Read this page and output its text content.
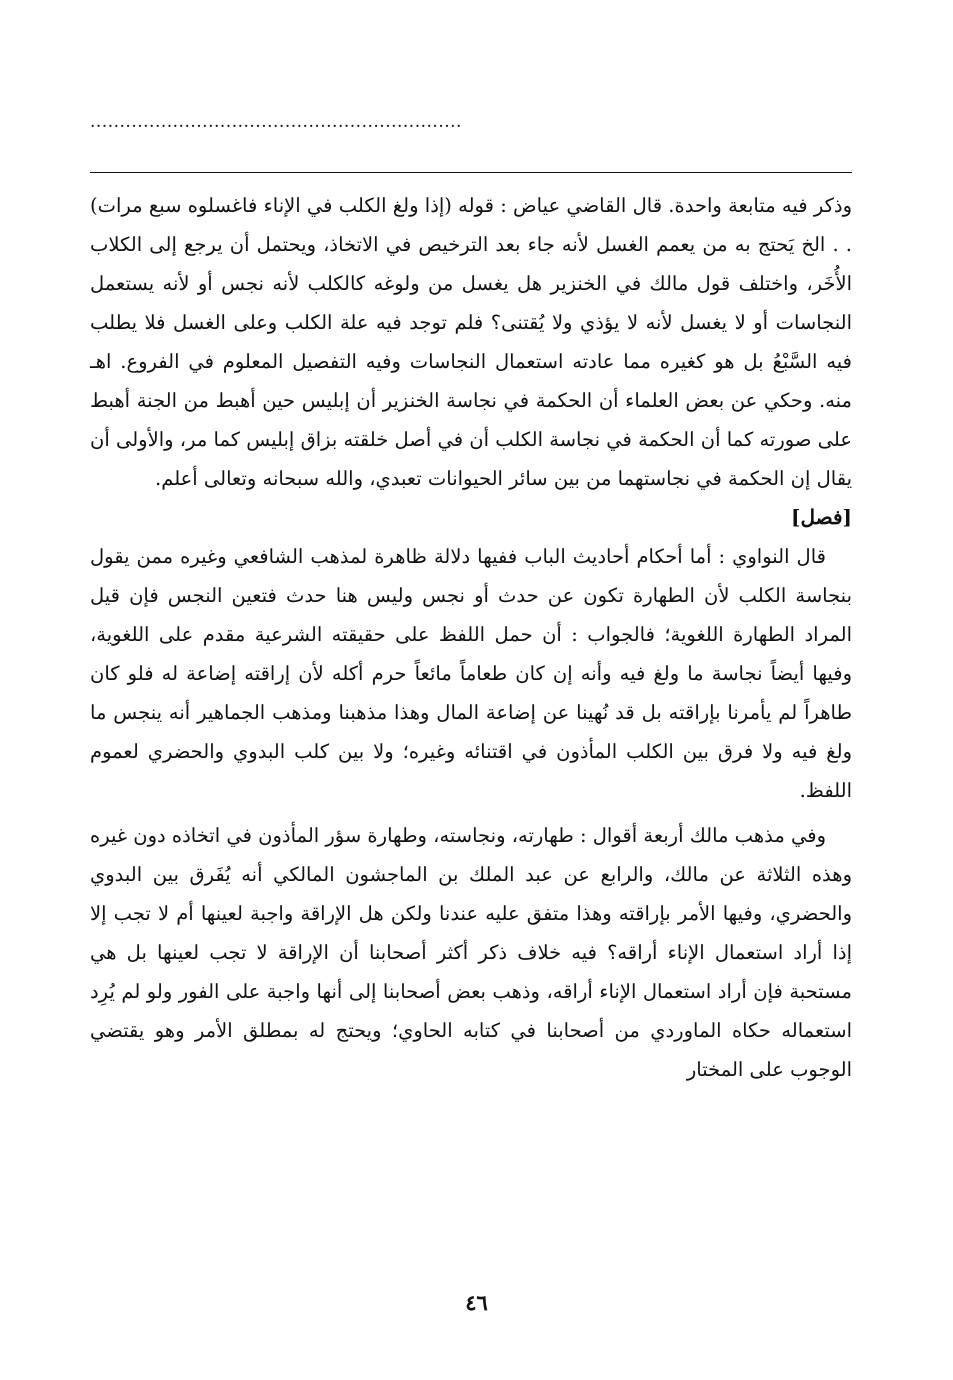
...............................................................

وذكر فيه متابعة واحدة. قال القاضي عياض : قوله (إذا ولغ الكلب في الإناء فاغسلوه سبع مرات) . . الخ يَحتج به من يعمم الغسل لأنه جاء بعد الترخيص في الاتخاذ، ويحتمل أن يرجع إلى الكلاب الأُخَر، واختلف قول مالك في الخنزير هل يغسل من ولوغه كالكلب لأنه نجس أو لأنه يستعمل النجاسات أو لا يغسل لأنه لا يؤذي ولا يُقتنى؟ فلم توجد فيه علة الكلب وعلى الغسل فلا يطلب فيه السَّبْعُ بل هو كغيره مما عادته استعمال النجاسات وفيه التفصيل المعلوم في الفروع. اهـ منه. وحكي عن بعض العلماء أن الحكمة في نجاسة الخنزير أن إبليس حين أهبط من الجنة أهبط على صورته كما أن الحكمة في نجاسة الكلب أن في أصل خلقته بزاق إبليس كما مر، والأولى أن يقال إن الحكمة في نجاستهما من بين سائر الحيوانات تعبدي، والله سبحانه وتعالى أعلم.

[فصل]

قال النواوي : أما أحكام أحاديث الباب ففيها دلالة ظاهرة لمذهب الشافعي وغيره ممن يقول بنجاسة الكلب لأن الطهارة تكون عن حدث أو نجس وليس هنا حدث فتعين النجس فإن قيل المراد الطهارة اللغوية؛ فالجواب : أن حمل اللفظ على حقيقته الشرعية مقدم على اللغوية، وفيها أيضاً نجاسة ما ولغ فيه وأنه إن كان طعاماً مائعاً حرم أكله لأن إراقته إضاعة له فلو كان طاهراً لم يأمرنا بإراقته بل قد نُهينا عن إضاعة المال وهذا مذهبنا ومذهب الجماهير أنه ينجس ما ولغ فيه ولا فرق بين الكلب المأذون في اقتنائه وغيره؛ ولا بين كلب البدوي والحضري لعموم اللفظ.

وفي مذهب مالك أربعة أقوال : طهارته، ونجاسته، وطهارة سؤر المأذون في اتخاذه دون غيره وهذه الثلاثة عن مالك، والرابع عن عبد الملك بن الماجشون المالكي أنه يُفَرق بين البدوي والحضري، وفيها الأمر بإراقته وهذا متفق عليه عندنا ولكن هل الإراقة واجبة لعينها أم لا تجب إلا إذا أراد استعمال الإناء أراقه؟ فيه خلاف ذكر أكثر أصحابنا أن الإراقة لا تجب لعينها بل هي مستحبة فإن أراد استعمال الإناء أراقه، وذهب بعض أصحابنا إلى أنها واجبة على الفور ولو لم يُرِد استعماله حكاه الماوردي من أصحابنا في كتابه الحاوي؛ ويحتج له بمطلق الأمر وهو يقتضي الوجوب على المختار

٤٦
